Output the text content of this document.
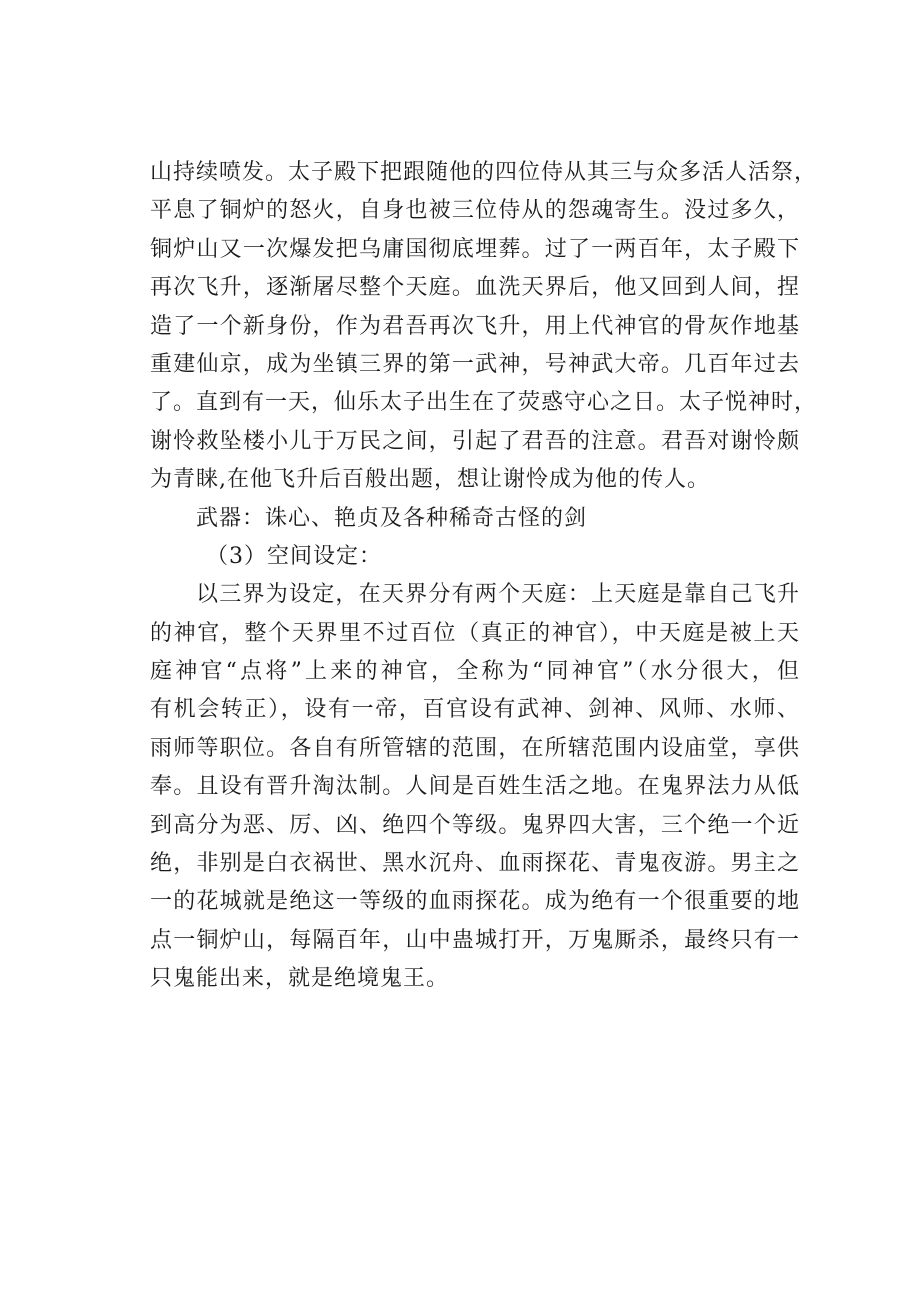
山持续喷发。太子殿下把跟随他的四位侍从其三与众多活人活祭，
平息了铜炉的怒火，自身也被三位侍从的怨魂寄生。没过多久，
铜炉山又一次爆发把乌庸国彻底埋葬。过了一两百年，太子殿下
再次飞升，逐渐屠尽整个天庭。血洗天界后，他又回到人间，捏
造了一个新身份，作为君吾再次飞升，用上代神官的骨灰作地基
重建仙京，成为坐镇三界的第一武神，号神武大帝。几百年过去
了。直到有一天，仙乐太子出生在了荧惑守心之日。太子悦神时，
谢怜救坠楼小儿于万民之间，引起了君吾的注意。君吾对谢怜颇
为青睐,在他飞升后百般出题，想让谢怜成为他的传人。
武器：诛心、艳贞及各种稀奇古怪的剑
（3）空间设定：
以三界为设定，在天界分有两个天庭：上天庭是靠自己飞升
的神官，整个天界里不过百位（真正的神官），中天庭是被上天
庭神官“点将”上来的神官，全称为“同神官”（水分很大，但
有机会转正），设有一帝，百官设有武神、剑神、风师、水师、
雨师等职位。各自有所管辖的范围，在所辖范围内设庙堂，享供
奉。且设有晋升淘汰制。人间是百姓生活之地。在鬼界法力从低
到高分为恶、厉、凶、绝四个等级。鬼界四大害，三个绝一个近
绝，非别是白衣祸世、黑水沉舟、血雨探花、青鬼夜游。男主之
一的花城就是绝这一等级的血雨探花。成为绝有一个很重要的地
点一铜炉山，每隔百年，山中蛊城打开，万鬼厮杀，最终只有一
只鬼能出来，就是绝境鬼王。
